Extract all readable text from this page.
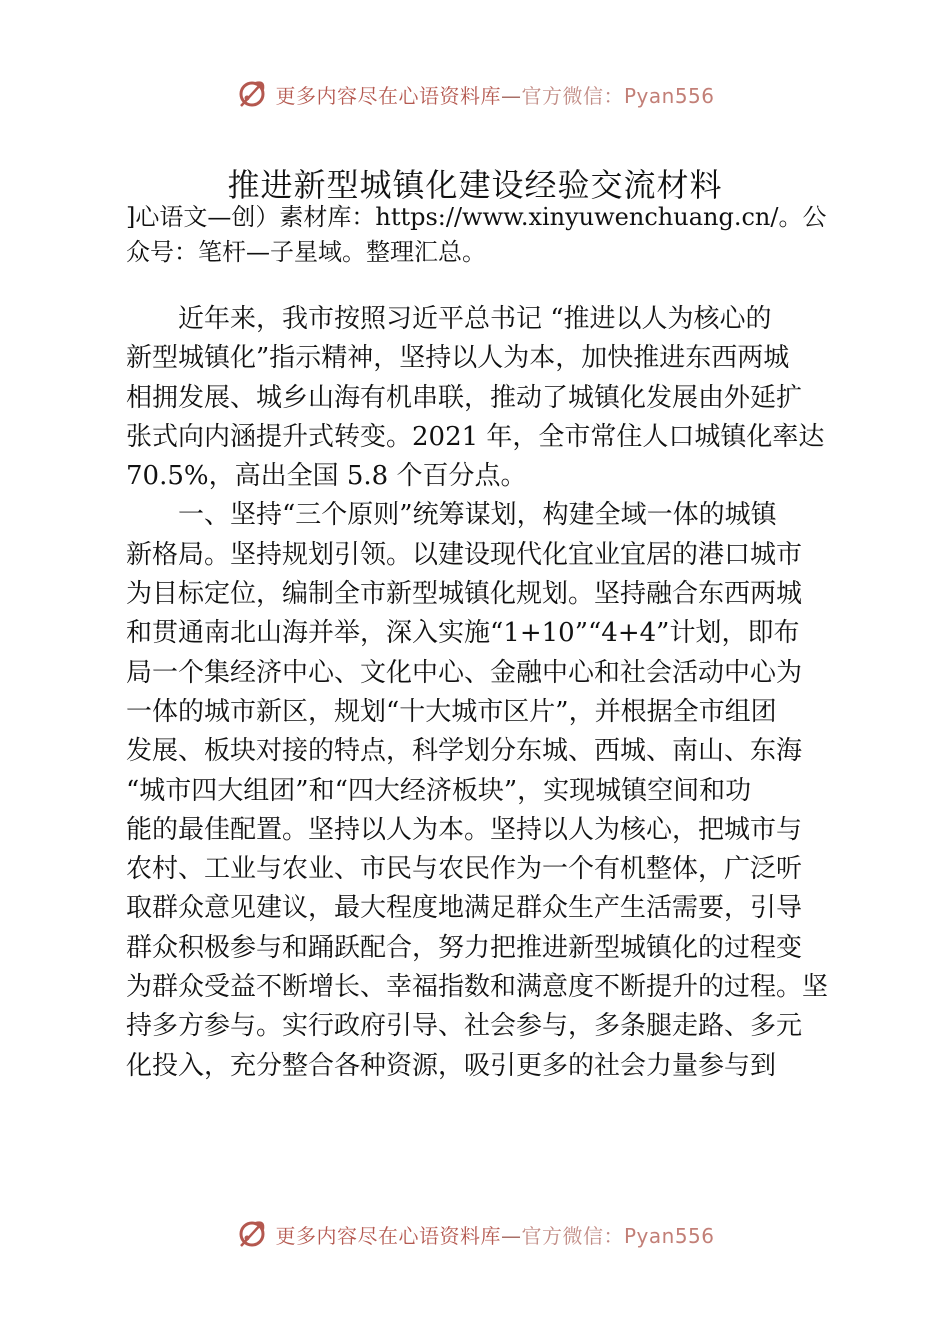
更多内容尽在心语资料库—官方微信：Pyan556
推进新型城镇化建设经验交流材料
]心语文—创）素材库：https://www.xinyuwenchuang.cn/。公
众号：笔杆—子星域。整理汇总。
近年来，我市按照习近平总书记 “推进以人为核心的
新型城镇化”指示精神，坚持以人为本，加快推进东西两城
相拥发展、城乡山海有机串联，推动了城镇化发展由外延扩
张式向内涵提升式转变。2021 年，全市常住人口城镇化率达
70.5%，高出全国 5.8 个百分点。
一、坚持“三个原则”统筹谋划，构建全域一体的城镇
新格局。坚持规划引领。以建设现代化宜业宜居的港口城市
为目标定位，编制全市新型城镇化规划。坚持融合东西两城
和贯通南北山海并举，深入实施“1+10”“4+4”计划，即布
局一个集经济中心、文化中心、金融中心和社会活动中心为
一体的城市新区，规划“十大城市区片”，并根据全市组团
发展、板块对接的特点，科学划分东城、西城、南山、东海
“城市四大组团”和“四大经济板块”，实现城镇空间和功
能的最佳配置。坚持以人为本。坚持以人为核心，把城市与
农村、工业与农业、市民与农民作为一个有机整体，广泛听
取群众意见建议，最大程度地满足群众生产生活需要，引导
群众积极参与和踊跃配合，努力把推进新型城镇化的过程变
为群众受益不断增长、幸福指数和满意度不断提升的过程。坚
持多方参与。实行政府引导、社会参与，多条腿走路、多元
化投入，充分整合各种资源，吸引更多的社会力量参与到
更多内容尽在心语资料库—官方微信：Pyan556
